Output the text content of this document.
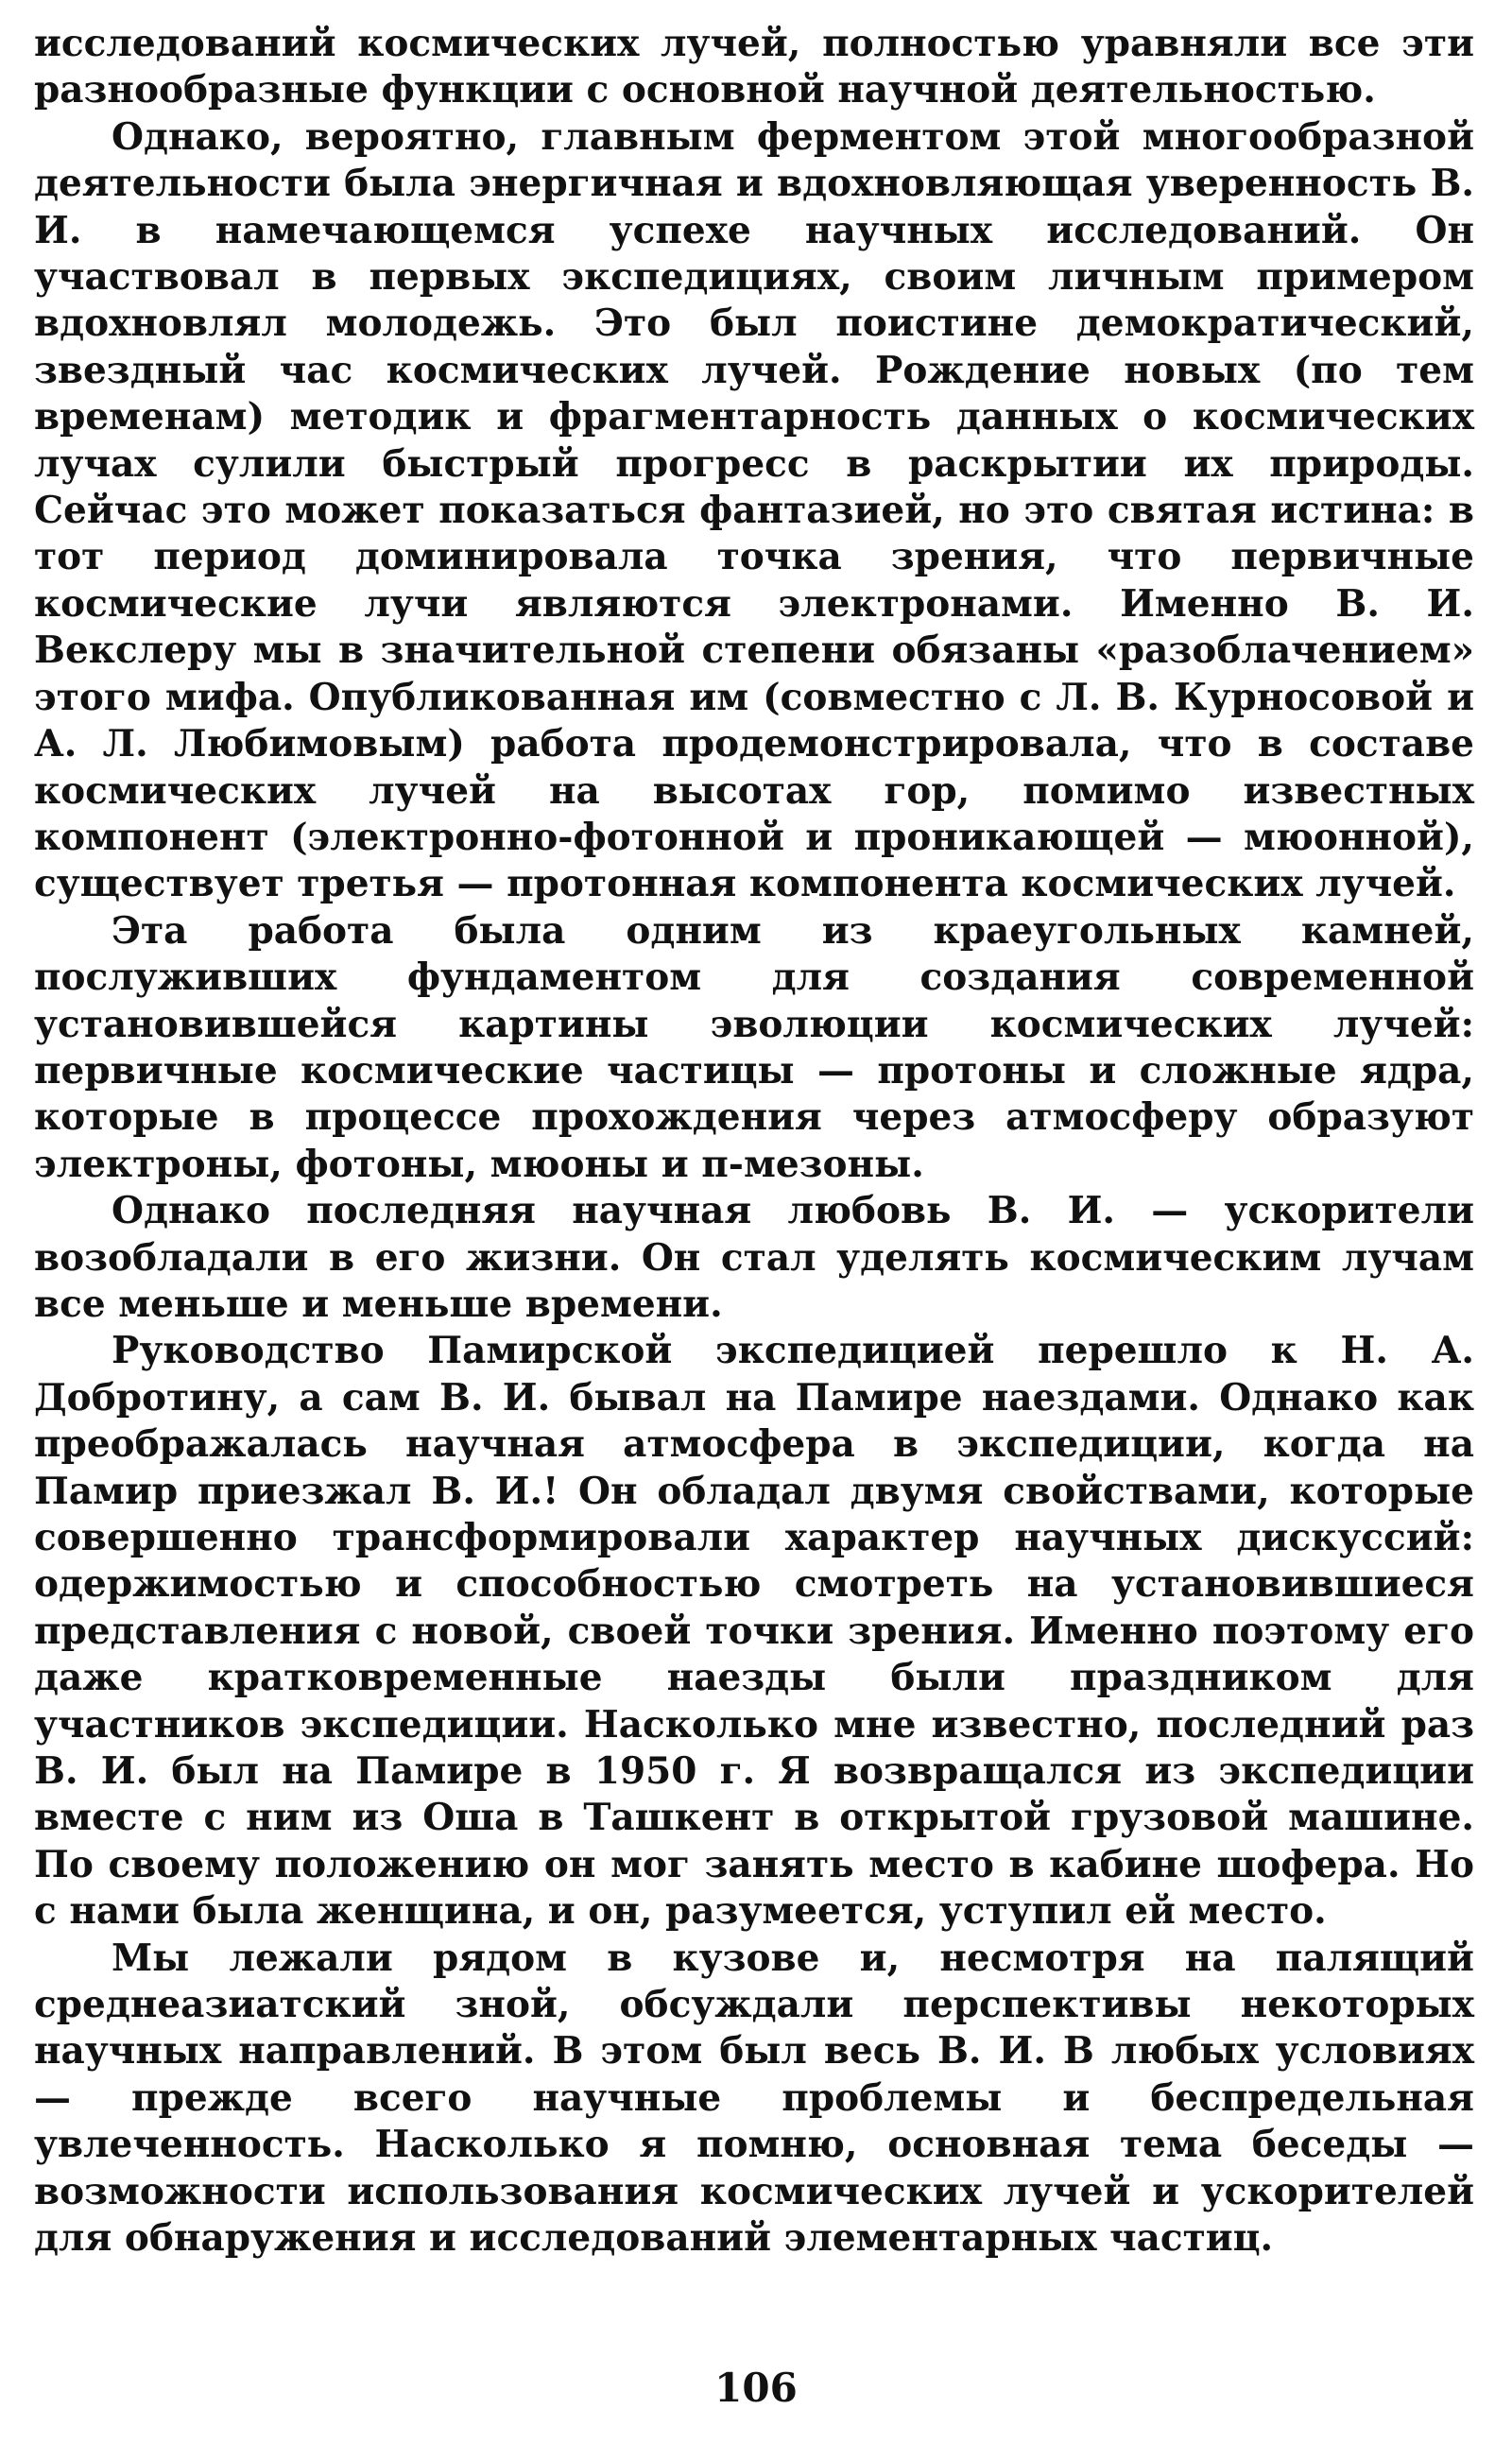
исследований космических лучей, полностью уравняли все эти разнообразные функции с основной научной деятельностью.

Однако, вероятно, главным ферментом этой многообразной деятельности была энергичная и вдохновляющая уверенность В. И. в намечающемся успехе научных исследований. Он участвовал в первых экспедициях, своим личным примером вдохновлял молодежь. Это был поистине демократический, звездный час космических лучей. Рождение новых (по тем временам) методик и фрагментарность данных о космических лучах сулили быстрый прогресс в раскрытии их природы. Сейчас это может показаться фантазией, но это святая истина: в тот период доминировала точка зрения, что первичные космические лучи являются электронами. Именно В. И. Векслеру мы в значительной степени обязаны «разоблачением» этого мифа. Опубликованная им (совместно с Л. В. Курносовой и А. Л. Любимовым) работа продемонстрировала, что в составе космических лучей на высотах гор, помимо известных компонент (электронно-фотонной и проникающей — мюонной), существует третья — протонная компонента космических лучей.

Эта работа была одним из краеугольных камней, послуживших фундаментом для создания современной установившейся картины эволюции космических лучей: первичные космические частицы — протоны и сложные ядра, которые в процессе прохождения через атмосферу образуют электроны, фотоны, мюоны и π-мезоны.

Однако последняя научная любовь В. И. — ускорители возобладали в его жизни. Он стал уделять космическим лучам все меньше и меньше времени.

Руководство Памирской экспедицией перешло к Н. А. Добротину, а сам В. И. бывал на Памире наездами. Однако как преображалась научная атмосфера в экспедиции, когда на Памир приезжал В. И.! Он обладал двумя свойствами, которые совершенно трансформировали характер научных дискуссий: одержимостью и способностью смотреть на установившиеся представления с новой, своей точки зрения. Именно поэтому его даже кратковременные наезды были праздником для участников экспедиции. Насколько мне известно, последний раз В. И. был на Памире в 1950 г. Я возвращался из экспедиции вместе с ним из Оша в Ташкент в открытой грузовой машине. По своему положению он мог занять место в кабине шофера. Но с нами была женщина, и он, разумеется, уступил ей место.

Мы лежали рядом в кузове и, несмотря на палящий среднеазиатский зной, обсуждали перспективы некоторых научных направлений. В этом был весь В. И. В любых условиях — прежде всего научные проблемы и беспредельная увлеченность. Насколько я помню, основная тема беседы — возможности использования космических лучей и ускорителей для обнаружения и исследований элементарных частиц.

106
